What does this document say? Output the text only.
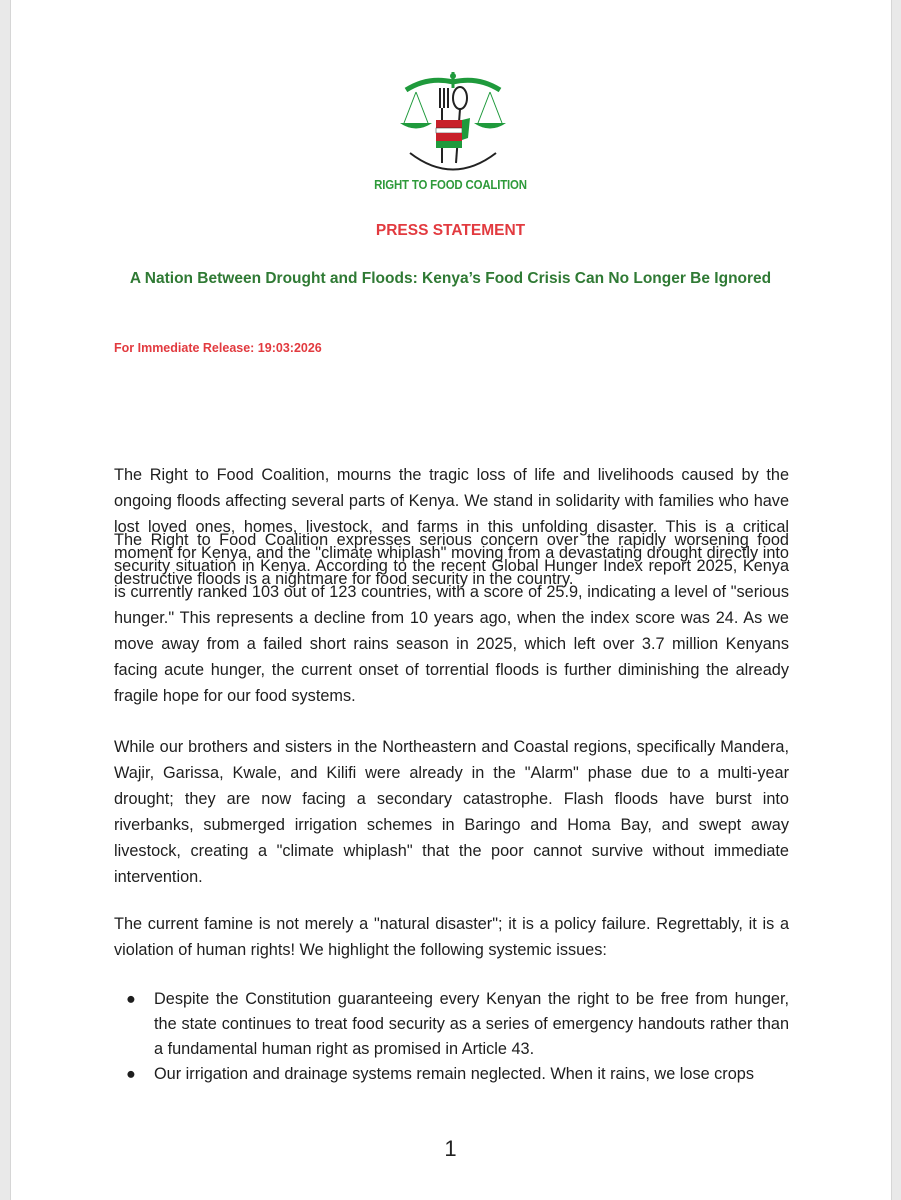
RIGHT TO FOOD COALITION
PRESS STATEMENT
A Nation Between Drought and Floods: Kenya’s Food Crisis Can No Longer Be Ignored
For Immediate Release: 19:03:2026

The Right to Food Coalition, mourns the tragic loss of life and livelihoods caused by the ongoing floods affecting several parts of Kenya. We stand in solidarity with families who have lost loved ones, homes, livestock, and farms in this unfolding disaster. This is a critical moment for Kenya, and the "climate whiplash" moving from a devastating drought directly into destructive floods is a nightmare for food security in the country.

The Right to Food Coalition expresses serious concern over the rapidly worsening food security situation in Kenya. According to the recent Global Hunger Index report 2025, Kenya is currently ranked 103 out of 123 countries, with a score of 25.9, indicating a level of "serious hunger." This represents a decline from 10 years ago, when the index score was 24. As we move away from a failed short rains season in 2025, which left over 3.7 million Kenyans facing acute hunger, the current onset of torrential floods is further diminishing the already fragile hope for our food systems.

While our brothers and sisters in the Northeastern and Coastal regions, specifically Mandera, Wajir, Garissa, Kwale, and Kilifi were already in the "Alarm" phase due to a multi-year drought; they are now facing a secondary catastrophe. Flash floods have burst into riverbanks, submerged irrigation schemes in Baringo and Homa Bay, and swept away livestock, creating a "climate whiplash" that the poor cannot survive without immediate intervention.

The current famine is not merely a "natural disaster"; it is a policy failure. Regrettably, it is a violation of human rights! We highlight the following systemic issues:

● Despite the Constitution guaranteeing every Kenyan the right to be free from hunger, the state continues to treat food security as a series of emergency handouts rather than a fundamental human right as promised in Article 43.
● Our irrigation and drainage systems remain neglected. When it rains, we lose crops
1
